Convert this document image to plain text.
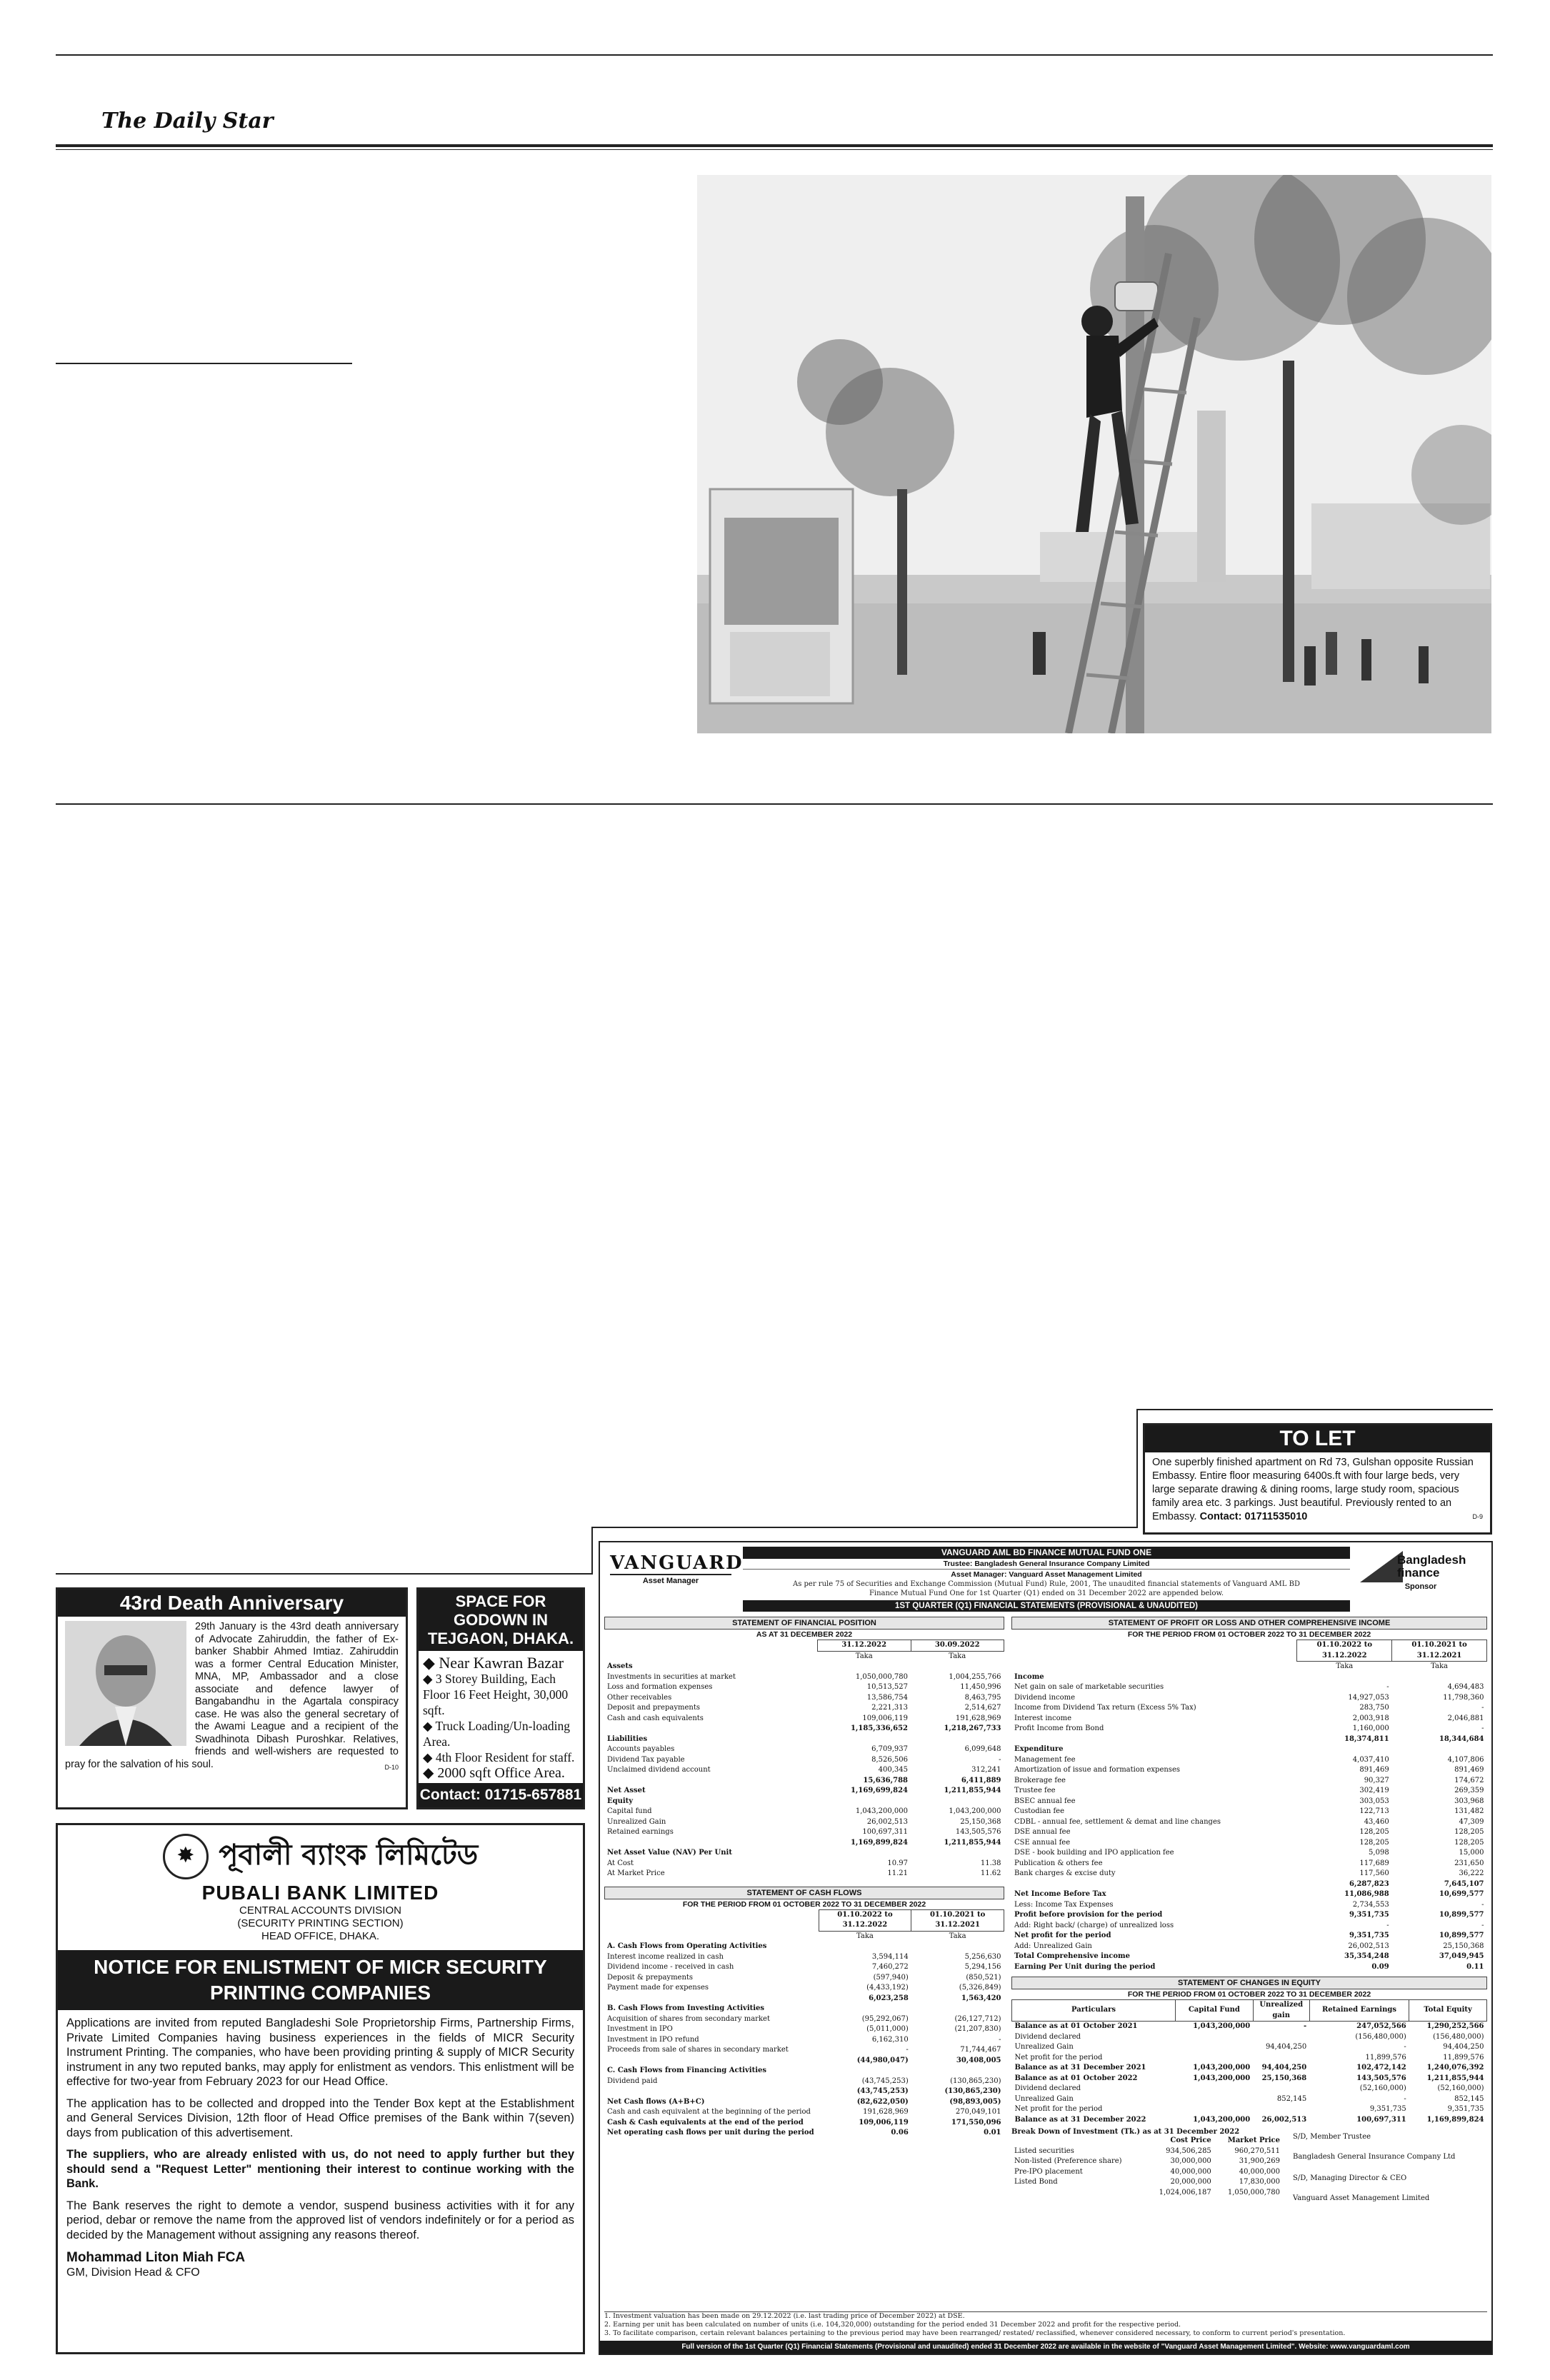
The Daily Star
TO LET
One superbly finished apartment on Rd 73, Gulshan opposite Russian Embassy. Entire floor measuring 6400s.ft with four large beds, very large separate drawing & dining rooms, large study room, spacious family area etc. 3 parkings. Just beautiful. Previously rented to an Embassy. Contact: 01711535010	D-9
43rd Death Anniversary
29th January is the 43rd death anniversary of Advocate Zahiruddin, the father of Ex-banker Shabbir Ahmed Imtiaz. Zahiruddin was a former Central Education Minister, MNA, MP, Ambassador and a close associate and defence lawyer of Bangabandhu in the Agartala conspiracy case. He was also the general secretary of the Awami League and a recipient of the Swadhinota Dibash Puroshkar. Relatives, friends and well-wishers are requested to pray for the salvation of his soul.	D-10
SPACE FOR GODOWN IN TEJGAON, DHAKA.
◆ Near Kawran Bazar
◆ 3 Storey Building, Each Floor 16 Feet Height, 30,000 sqft.
◆ Truck Loading/Un-loading Area.
◆ 4th Floor Resident for staff.
◆ 2000 sqft Office Area.
Contact: 01715-657881
✸ পূবালী ব্যাংক লিমিটেড
PUBALI BANK LIMITED
CENTRAL ACCOUNTS DIVISION
(SECURITY PRINTING SECTION)
HEAD OFFICE, DHAKA.
NOTICE FOR ENLISTMENT OF MICR SECURITY PRINTING COMPANIES

Applications are invited from reputed Bangladeshi Sole Proprietorship Firms, Partnership Firms, Private Limited Companies having business experiences in the fields of MICR Security Instrument Printing. The companies, who have been providing printing & supply of MICR Security instrument in any two reputed banks, may apply for enlistment as vendors. This enlistment will be effective for two-year from February 2023 for our Head Office.

The application has to be collected and dropped into the Tender Box kept at the Establishment and General Services Division, 12th floor of Head Office premises of the Bank within 7(seven) days from publication of this advertisement.

The suppliers, who are already enlisted with us, do not need to apply further but they should send a "Request Letter" mentioning their interest to continue working with the Bank.

The Bank reserves the right to demote a vendor, suspend business activities with it for any period, debar or remove the name from the approved list of vendors indefinitely or for a period as decided by the Management without assigning any reasons thereof.

Mohammad Liton Miah FCA
GM, Division Head & CFO
VANGUARD
Asset Manager
VANGUARD AML BD FINANCE MUTUAL FUND ONE
Trustee: Bangladesh General Insurance Company Limited
Asset Manager: Vanguard Asset Management Limited
As per rule 75 of Securities and Exchange Commission (Mutual Fund) Rule, 2001, The unaudited financial statements of Vanguard AML BD Finance Mutual Fund One for 1st Quarter (Q1) ended on 31 December 2022 are appended below.
1ST QUARTER (Q1) FINANCIAL STATEMENTS (PROVISIONAL & UNAUDITED)
Bangladesh finance
Sponsor
STATEMENT OF FINANCIAL POSITION
AS AT 31 DECEMBER 2022
	31.12.2022	30.09.2022
	Taka	Taka
Assets		
Investments in securities at market	1,050,000,780	1,004,255,766
Loss and formation expenses	10,513,527	11,450,996
Other receivables	13,586,754	8,463,795
Deposit and prepayments	2,221,313	2,514,627
Cash and cash equivalents	109,006,119	191,628,969
	1,185,336,652	1,218,267,733
Liabilities		
Accounts payables	6,709,937	6,099,648
Dividend Tax payable	8,526,506	-
Unclaimed dividend account	400,345	312,241
	15,636,788	6,411,889
Net Asset	1,169,699,824	1,211,855,944
Equity		
Capital fund	1,043,200,000	1,043,200,000
Unrealized Gain	26,002,513	25,150,368
Retained earnings	100,697,311	143,505,576
	1,169,899,824	1,211,855,944
Net Asset Value (NAV) Per Unit		
At Cost	10.97	11.38
At Market Price	11.21	11.62
STATEMENT OF CASH FLOWS
FOR THE PERIOD FROM 01 OCTOBER 2022 TO 31 DECEMBER 2022
	01.10.2022 to 31.12.2022	01.10.2021 to 31.12.2021
	Taka	Taka
A. Cash Flows from Operating Activities		
Interest income realized in cash	3,594,114	5,256,630
Dividend income - received in cash	7,460,272	5,294,156
Deposit & prepayments	(597,940)	(850,521)
Payment made for expenses	(4,433,192)	(5,326,849)
	6,023,258	1,563,420
B. Cash Flows from Investing Activities		
Acquisition of shares from secondary market	(95,292,067)	(26,127,712)
Investment in IPO	(5,011,000)	(21,207,830)
Investment in IPO refund	6,162,310	-
Proceeds from sale of shares in secondary market	-	71,744,467
	(44,980,047)	30,408,005
C. Cash Flows from Financing Activities		
Dividend paid	(43,745,253)	(130,865,230)
	(43,745,253)	(130,865,230)
Net Cash flows (A+B+C)	(82,622,050)	(98,893,005)
Cash and cash equivalent at the beginning of the period	191,628,969	270,049,101
Cash & Cash equivalents at the end of the period	109,006,119	171,550,096
Net operating cash flows per unit during the period	0.06	0.01
STATEMENT OF PROFIT OR LOSS AND OTHER COMPREHENSIVE INCOME
FOR THE PERIOD FROM 01 OCTOBER 2022 TO 31 DECEMBER 2022
	01.10.2022 to 31.12.2022	01.10.2021 to 31.12.2021
	Taka	Taka
Income		
Net gain on sale of marketable securities	-	4,694,483
Dividend income	14,927,053	11,798,360
Income from Dividend Tax return (Excess 5% Tax)	283,750	-
Interest income	2,003,918	2,046,881
Profit Income from Bond	1,160,000	-
	18,374,811	18,344,684
Expenditure		
Management fee	4,037,410	4,107,806
Amortization of issue and formation expenses	891,469	891,469
Brokerage fee	90,327	174,672
Trustee fee	302,419	269,359
BSEC annual fee	303,053	303,968
Custodian fee	122,713	131,482
CDBL - annual fee, settlement & demat and line changes	43,460	47,309
DSE annual fee	128,205	128,205
CSE annual fee	128,205	128,205
DSE - book building and IPO application fee	5,098	15,000
Publication & others fee	117,689	231,650
Bank charges & excise duty	117,560	36,222
	6,287,823	7,645,107
Net Income Before Tax	11,086,988	10,699,577
Less: Income Tax Expenses	2,734,553	-
Profit before provision for the period	9,351,735	10,899,577
Add: Right back/ (charge) of unrealized loss	-	-
Net profit for the period	9,351,735	10,899,577
Add: Unrealized Gain	26,002,513	25,150,368
Total Comprehensive income	35,354,248	37,049,945
Earning Per Unit during the period	0.09	0.11
STATEMENT OF CHANGES IN EQUITY
FOR THE PERIOD FROM 01 OCTOBER 2022 TO 31 DECEMBER 2022
Particulars	Capital Fund	Unrealized gain	Retained Earnings	Total Equity
Balance as at 01 October 2021	1,043,200,000	-	247,052,566	1,290,252,566
Dividend declared			(156,480,000)	(156,480,000)
Unrealized Gain		94,404,250	-	94,404,250
Net profit for the period			11,899,576	11,899,576
Balance as at 31 December 2021	1,043,200,000	94,404,250	102,472,142	1,240,076,392
Balance as at 01 October 2022	1,043,200,000	25,150,368	143,505,576	1,211,855,944
Dividend declared			(52,160,000)	(52,160,000)
Unrealized Gain		852,145	-	852,145
Net profit for the period			9,351,735	9,351,735
Balance as at 31 December 2022	1,043,200,000	26,002,513	100,697,311	1,169,899,824
Break Down of Investment (Tk.) as at 31 December 2022
	Cost Price	Market Price
Listed securities	934,506,285	960,270,511
Non-listed (Preference share)	30,000,000	31,900,269
Pre-IPO placement	40,000,000	40,000,000
Listed Bond	20,000,000	17,830,000
	1,024,006,187	1,050,000,780
S/D, Member Trustee
Bangladesh General Insurance Company Ltd
S/D, Managing Director & CEO
Vanguard Asset Management Limited
1. Investment valuation has been made on 29.12.2022 (i.e. last trading price of December 2022) at DSE.
2. Earning per unit has been calculated on number of units (i.e. 104,320,000) outstanding for the period ended 31 December 2022 and profit for the respective period.
3. To facilitate comparison, certain relevant balances pertaining to the previous period may have been rearranged/ restated/ reclassified, whenever considered necessary, to conform to current period's presentation.
Full version of the 1st Quarter (Q1) Financial Statements (Provisional and unaudited) ended 31 December 2022 are available in the website of "Vanguard Asset Management Limited". Website: www.vanguardaml.com
